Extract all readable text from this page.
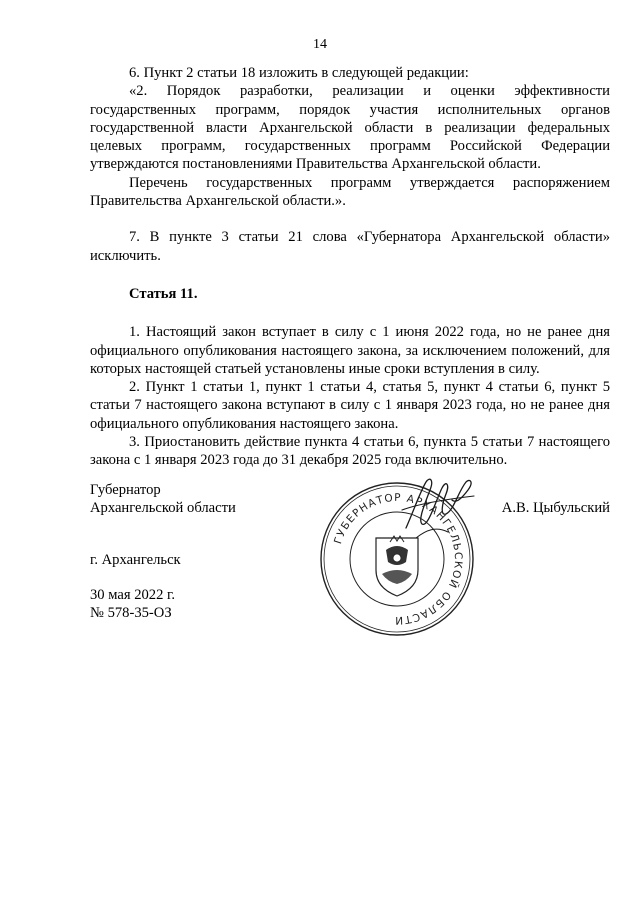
14

6. Пункт 2 статьи 18 изложить в следующей редакции:

«2. Порядок разработки, реализации и оценки эффективности государственных программ, порядок участия исполнительных органов государственной власти Архангельской области в реализации федеральных целевых программ, государственных программ Российской Федерации утверждаются постановлениями Правительства Архангельской области.

Перечень государственных программ утверждается распоряжением Правительства Архангельской области.».

7. В пункте 3 статьи 21 слова «Губернатора Архангельской области» исключить.

Статья 11.

1. Настоящий закон вступает в силу с 1 июня 2022 года, но не ранее дня официального опубликования настоящего закона, за исключением положений, для которых настоящей статьей установлены иные сроки вступления в силу.

2. Пункт 1 статьи 1, пункт 1 статьи 4, статья 5, пункт 4 статьи 6, пункт 5 статьи 7 настоящего закона вступают в силу с 1 января 2023 года, но не ранее дня официального опубликования настоящего закона.

3. Приостановить действие пункта 4 статьи 6, пункта 5 статьи 7 настоящего закона с 1 января 2023 года до 31 декабря 2025 года включительно.

Губернатор
Архангельской области	А.В. Цыбульский
г. Архангельск
30 мая 2022 г.
№ 578-35-ОЗ
ГУБЕРНАТОР АРХАНГЕЛЬСКОЙ ОБЛАСТИ
